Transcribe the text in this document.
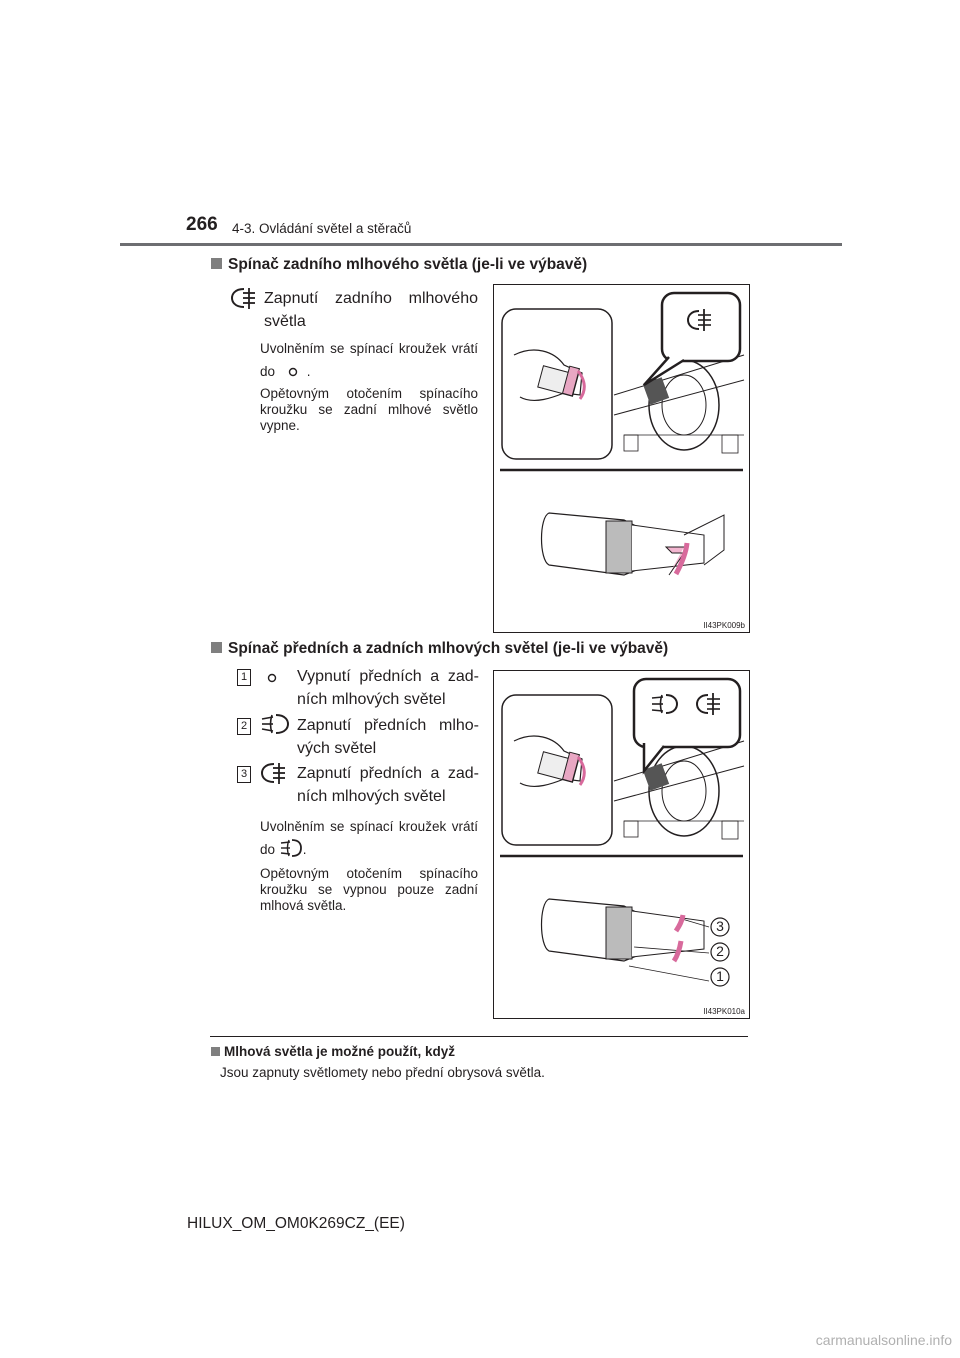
266 4-3. Ovládání světel a stěračů
Spínač zadního mlhového světla (je-li ve výbavě)
Zapnutí zadního mlhového světla
Uvolněním se spínací kroužek vrátí do .
Opětovným otočením spínacího kroužku se zadní mlhové světlo vypne.
II43PK009b
Spínač předních a zadních mlhových světel (je-li ve výbavě)
1	Vypnutí předních a zad-ních mlhových světel
2	Zapnutí předních mlho-vých světel
3	Zapnutí předních a zad-ních mlhových světel
Uvolněním se spínací kroužek vrátí do .
Opětovným otočením spínacího kroužku se vypnou pouze zadní mlhová světla.
3
2
1
II43PK010a
Mlhová světla je možné použít, když
Jsou zapnuty světlomety nebo přední obrysová světla.
HILUX_OM_OM0K269CZ_(EE)
carmanualsonline.info
